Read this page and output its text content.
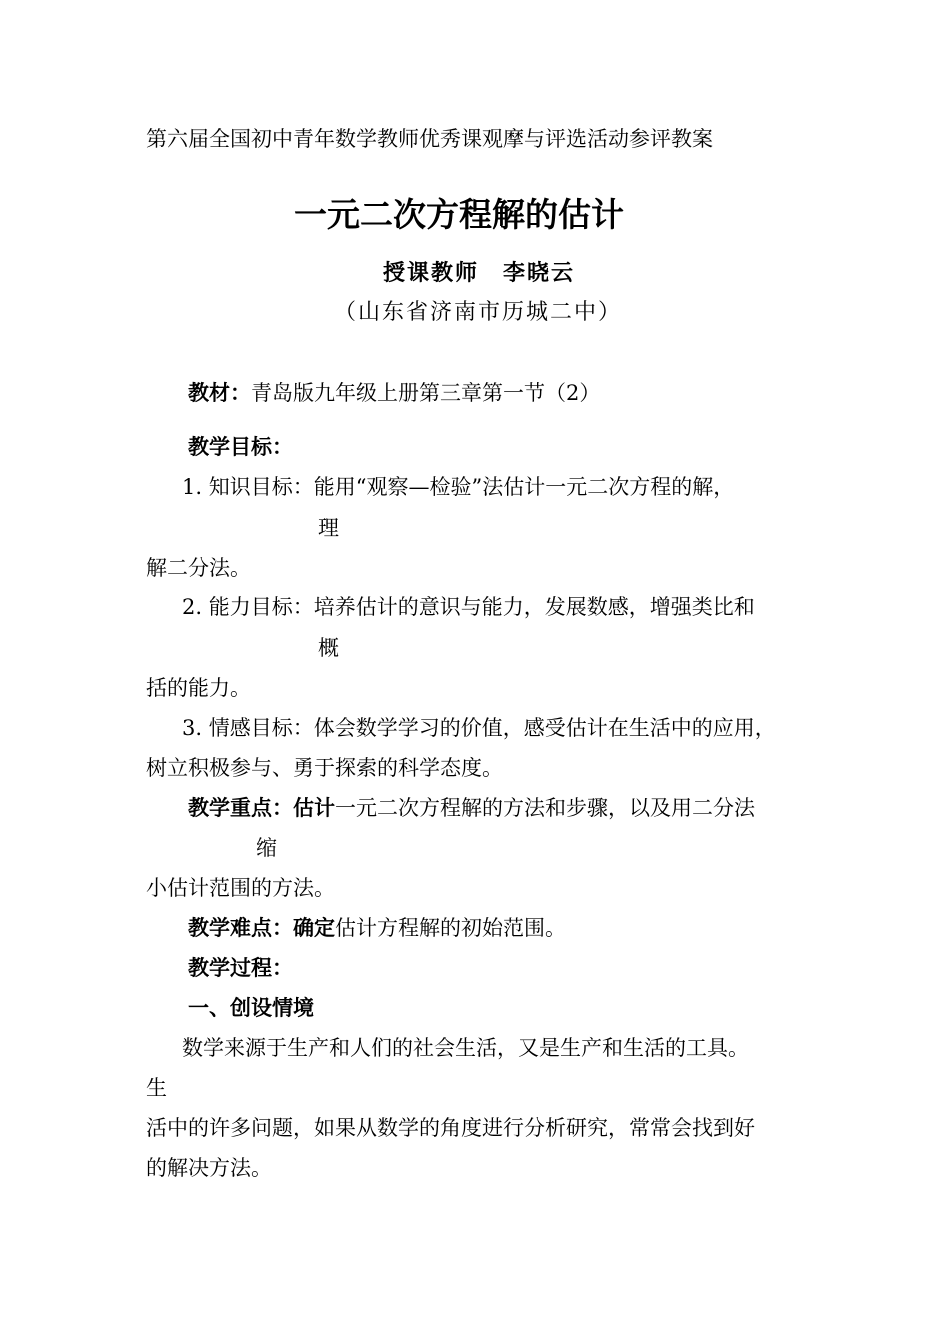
第六届全国初中青年数学教师优秀课观摩与评选活动参评教案
一元二次方程解的估计
授课教师　李晓云
（山东省济南市历城二中）
教材：青岛版九年级上册第三章第一节（2）
教学目标：
1. 知识目标：能用“观察—检验”法估计一元二次方程的解，
理
解二分法。
2. 能力目标：培养估计的意识与能力，发展数感，增强类比和
概
括的能力。
3. 情感目标：体会数学学习的价值，感受估计在生活中的应用，
树立积极参与、勇于探索的科学态度。
教学重点：估计一元二次方程解的方法和步骤，以及用二分法
缩
小估计范围的方法。
教学难点：确定估计方程解的初始范围。
教学过程：
一、创设情境
数学来源于生产和人们的社会生活，又是生产和生活的工具。
生
活中的许多问题，如果从数学的角度进行分析研究，常常会找到好
的解决方法。
